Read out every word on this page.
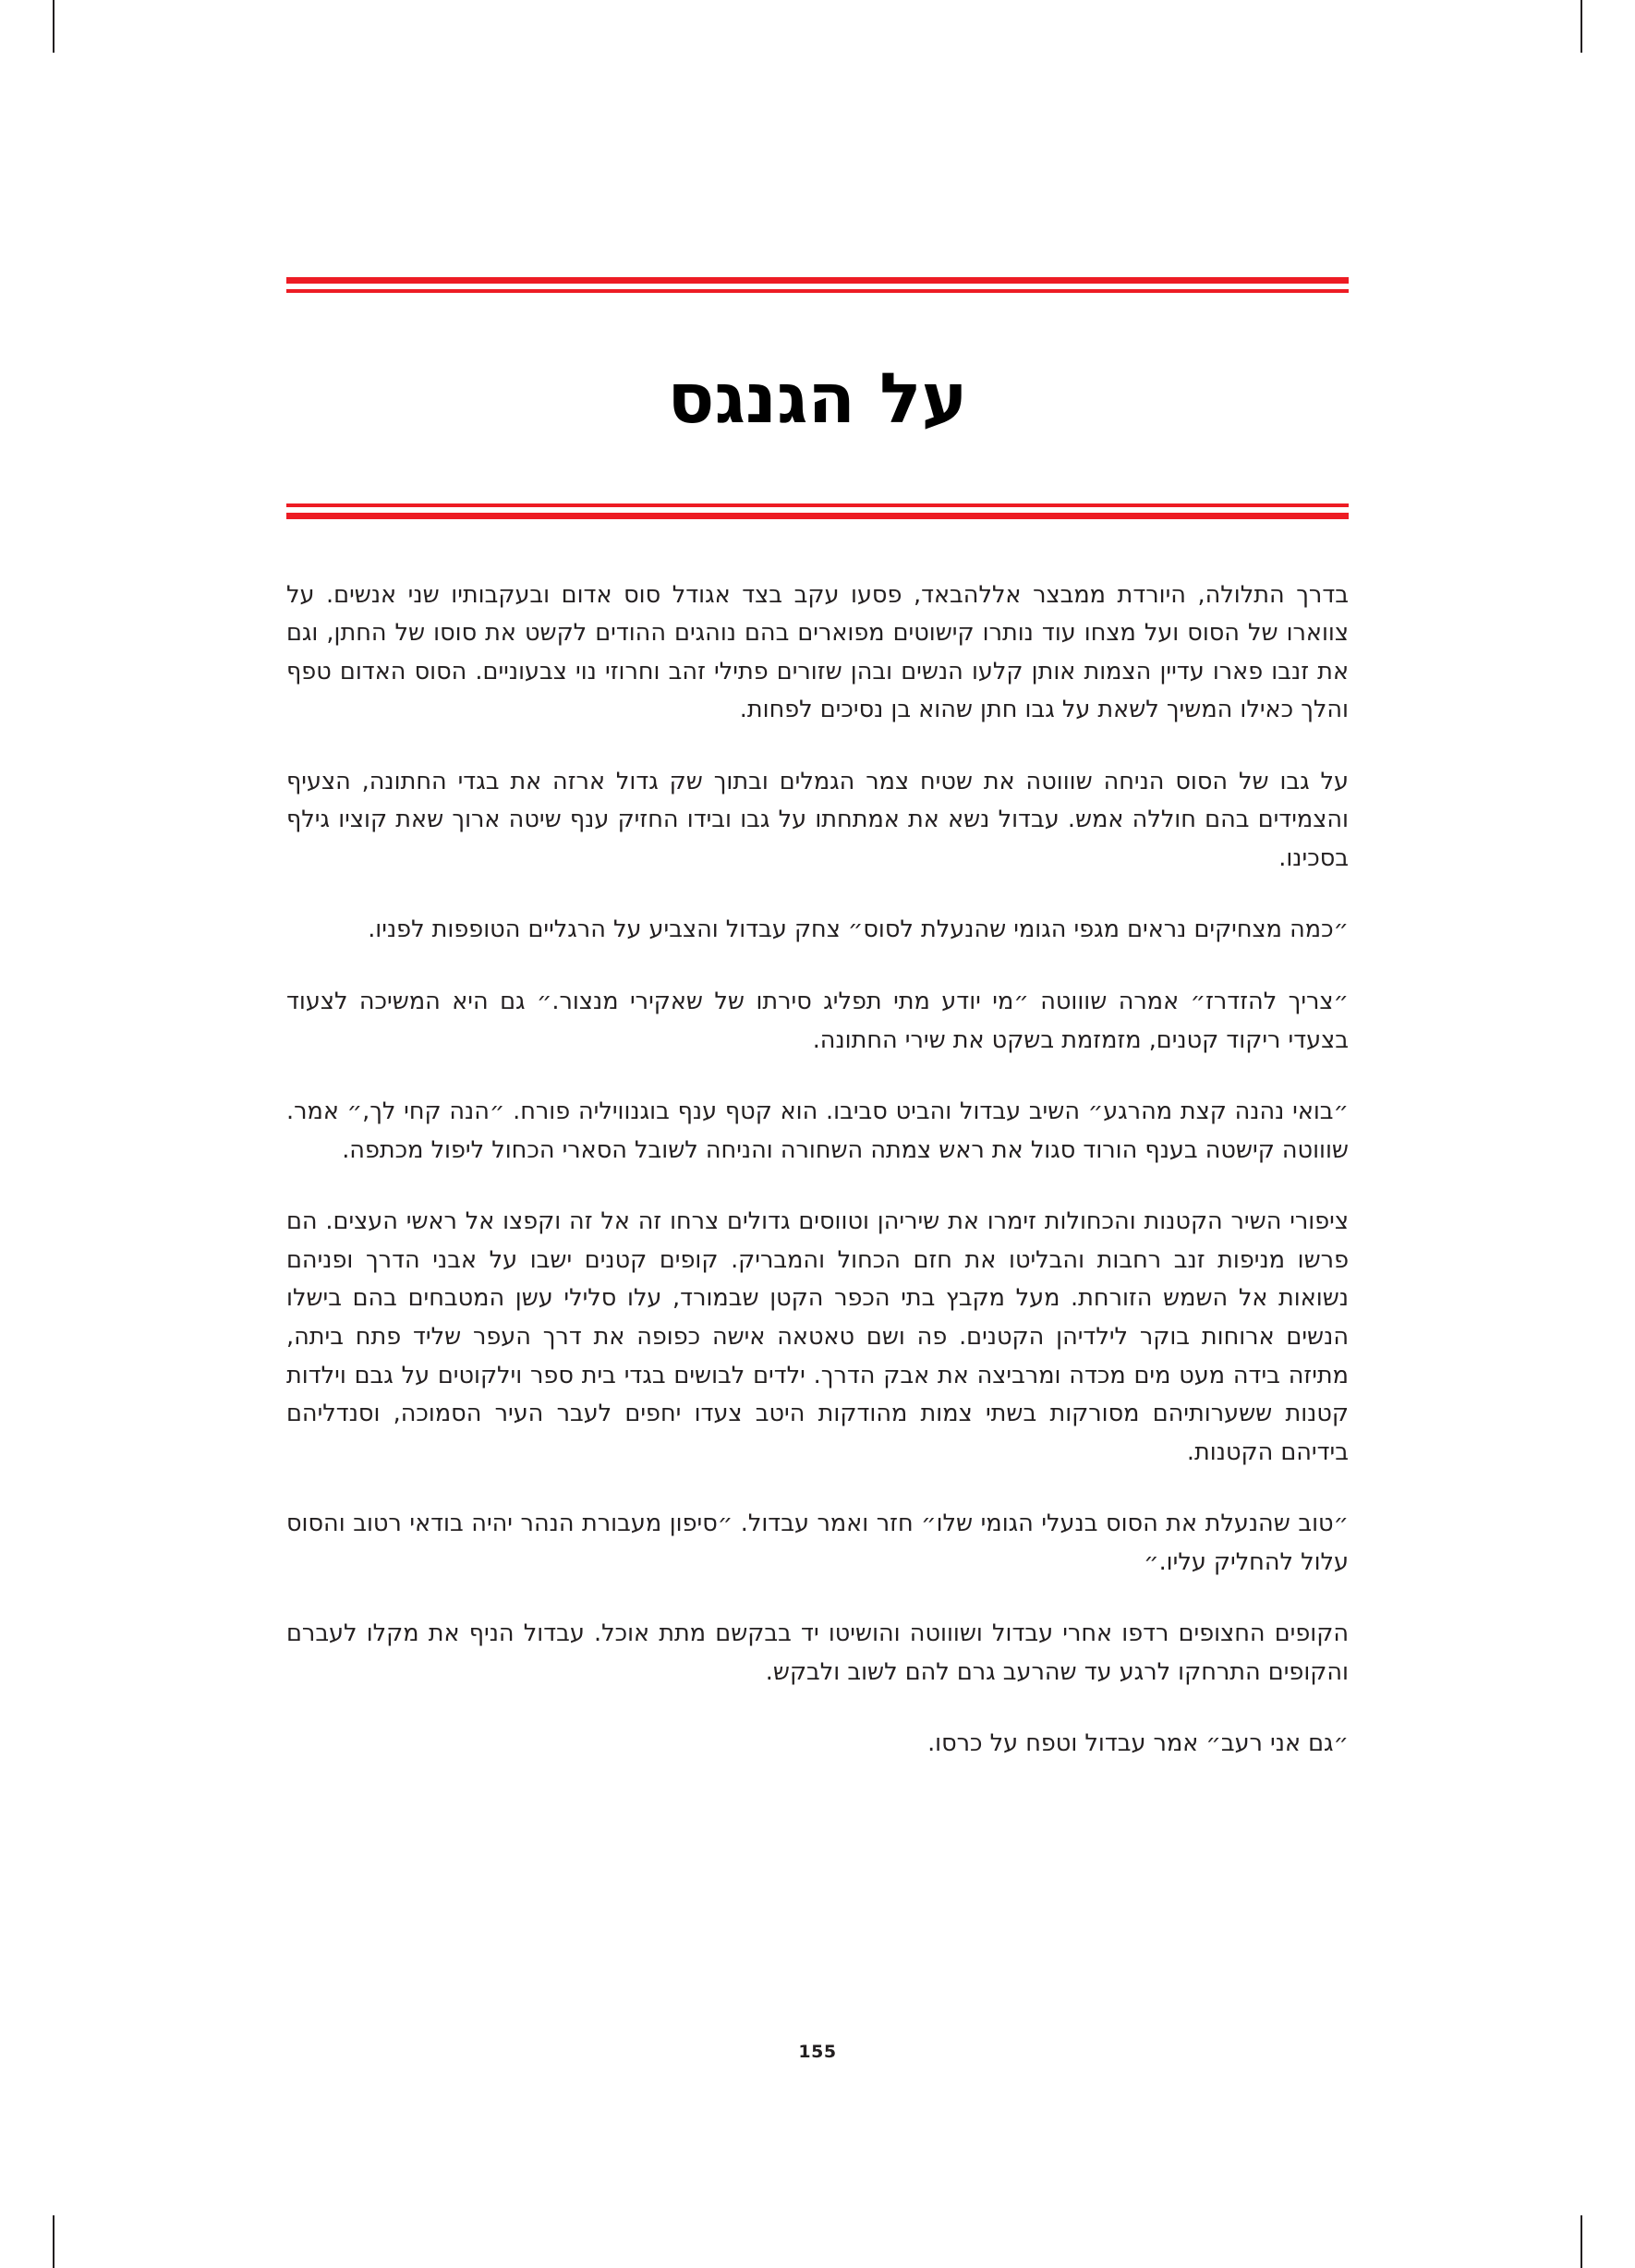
על הגנגס

בדרך התלולה, היורדת ממבצר אללהבאד, פסעו עקב בצד אגודל סוס אדום ובעקבותיו שני אנשים. על צווארו של הסוס ועל מצחו עוד נותרו קישוטים מפוארים בהם נוהגים ההודים לקשט את סוסו של החתן, וגם את זנבו פארו עדיין הצמות אותן קלעו הנשים ובהן שזורים פתילי זהב וחרוזי נוי צבעוניים. הסוס האדום טפף והלך כאילו המשיך לשאת על גבו חתן שהוא בן נסיכים לפחות.

על גבו של הסוס הניחה שוווטה את שטיח צמר הגמלים ובתוך שק גדול ארזה את בגדי החתונה, הצעיף והצמידים בהם חוללה אמש. עבדול נשא את אמתחתו על גבו ובידו החזיק ענף שיטה ארוך שאת קוציו גילף בסכינו.

״כמה מצחיקים נראים מגפי הגומי שהנעלת לסוס״ צחק עבדול והצביע על הרגליים הטופפות לפניו.

״צריך להזדרז״ אמרה שוווטה ״מי יודע מתי תפליג סירתו של שאקירי מנצור.״ גם היא המשיכה לצעוד בצעדי ריקוד קטנים, מזמזמת בשקט את שירי החתונה.

״בואי נהנה קצת מהרגע״ השיב עבדול והביט סביבו. הוא קטף ענף בוגנוויליה פורח. ״הנה קחי לך,״ אמר. שוווטה קישטה בענף הורוד סגול את ראש צמתה השחורה והניחה לשובל הסארי הכחול ליפול מכתפה.

ציפורי השיר הקטנות והכחולות זימרו את שיריהן וטווסים גדולים צרחו זה אל זה וקפצו אל ראשי העצים. הם פרשו מניפות זנב רחבות והבליטו את חזם הכחול והמבריק. קופים קטנים ישבו על אבני הדרך ופניהם נשואות אל השמש הזורחת. מעל מקבץ בתי הכפר הקטן שבמורד, עלו סלילי עשן המטבחים בהם בישלו הנשים ארוחות בוקר לילדיהן הקטנים. פה ושם טאטאה אישה כפופה את דרך העפר שליד פתח ביתה, מתיזה בידה מעט מים מכדה ומרביצה את אבק הדרך. ילדים לבושים בגדי בית ספר וילקוטים על גבם וילדות קטנות ששערותיהם מסורקות בשתי צמות מהודקות היטב צעדו יחפים לעבר העיר הסמוכה, וסנדליהם בידיהם הקטנות.

״טוב שהנעלת את הסוס בנעלי הגומי שלו״ חזר ואמר עבדול. ״סיפון מעבורת הנהר יהיה בודאי רטוב והסוס עלול להחליק עליו.״

הקופים החצופים רדפו אחרי עבדול ושוווטה והושיטו יד בבקשם מתת אוכל. עבדול הניף את מקלו לעברם והקופים התרחקו לרגע עד שהרעב גרם להם לשוב ולבקש.

״גם אני רעב״ אמר עבדול וטפח על כרסו.

155
